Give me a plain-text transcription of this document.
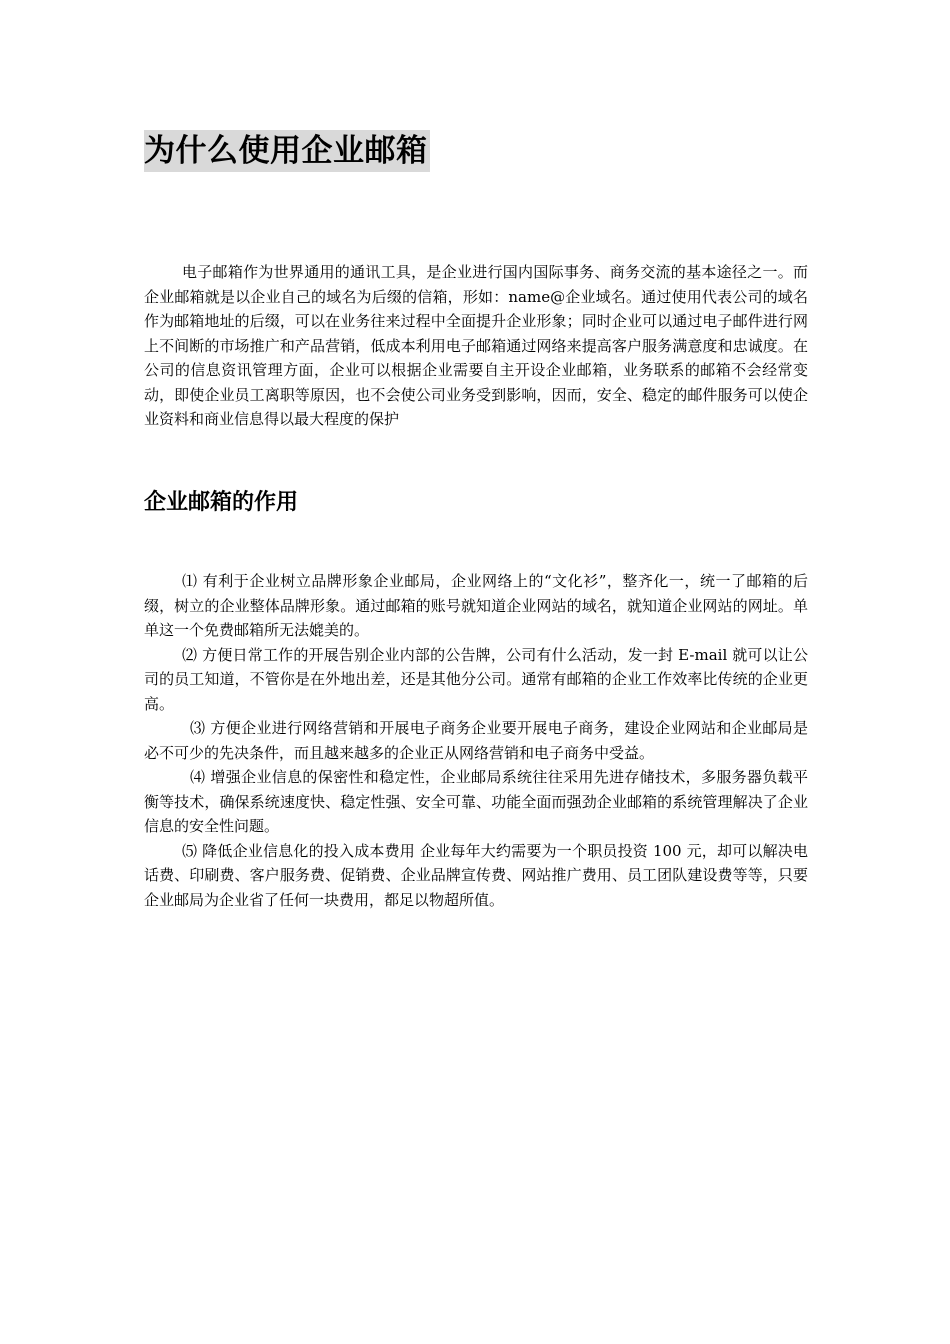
为什么使用企业邮箱

电子邮箱作为世界通用的通讯工具，是企业进行国内国际事务、商务交流的基本途径之一。而企业邮箱就是以企业自己的域名为后缀的信箱，形如：name@企业域名。通过使用代表公司的域名作为邮箱地址的后缀，可以在业务往来过程中全面提升企业形象；同时企业可以通过电子邮件进行网上不间断的市场推广和产品营销，低成本利用电子邮箱通过网络来提高客户服务满意度和忠诚度。在公司的信息资讯管理方面，企业可以根据企业需要自主开设企业邮箱，业务联系的邮箱不会经常变动，即使企业员工离职等原因，也不会使公司业务受到影响，因而，安全、稳定的邮件服务可以使企业资料和商业信息得以最大程度的保护

企业邮箱的作用
⑴ 有利于企业树立品牌形象企业邮局，企业网络上的“文化衫”，整齐化一，统一了邮箱的后缀，树立的企业整体品牌形象。通过邮箱的账号就知道企业网站的域名，就知道企业网站的网址。单单这一个免费邮箱所无法媲美的。
⑵ 方便日常工作的开展告别企业内部的公告牌，公司有什么活动，发一封 E-mail 就可以让公司的员工知道，不管你是在外地出差，还是其他分公司。通常有邮箱的企业工作效率比传统的企业更高。
⑶ 方便企业进行网络营销和开展电子商务企业要开展电子商务，建设企业网站和企业邮局是必不可少的先决条件，而且越来越多的企业正从网络营销和电子商务中受益。
⑷ 增强企业信息的保密性和稳定性，企业邮局系统往往采用先进存储技术，多服务器负载平衡等技术，确保系统速度快、稳定性强、安全可靠、功能全面而强劲企业邮箱的系统管理解决了企业信息的安全性问题。
⑸ 降低企业信息化的投入成本费用 企业每年大约需要为一个职员投资 100 元，却可以解决电话费、印刷费、客户服务费、促销费、企业品牌宣传费、网站推广费用、员工团队建设费等等，只要企业邮局为企业省了任何一块费用，都足以物超所值。
